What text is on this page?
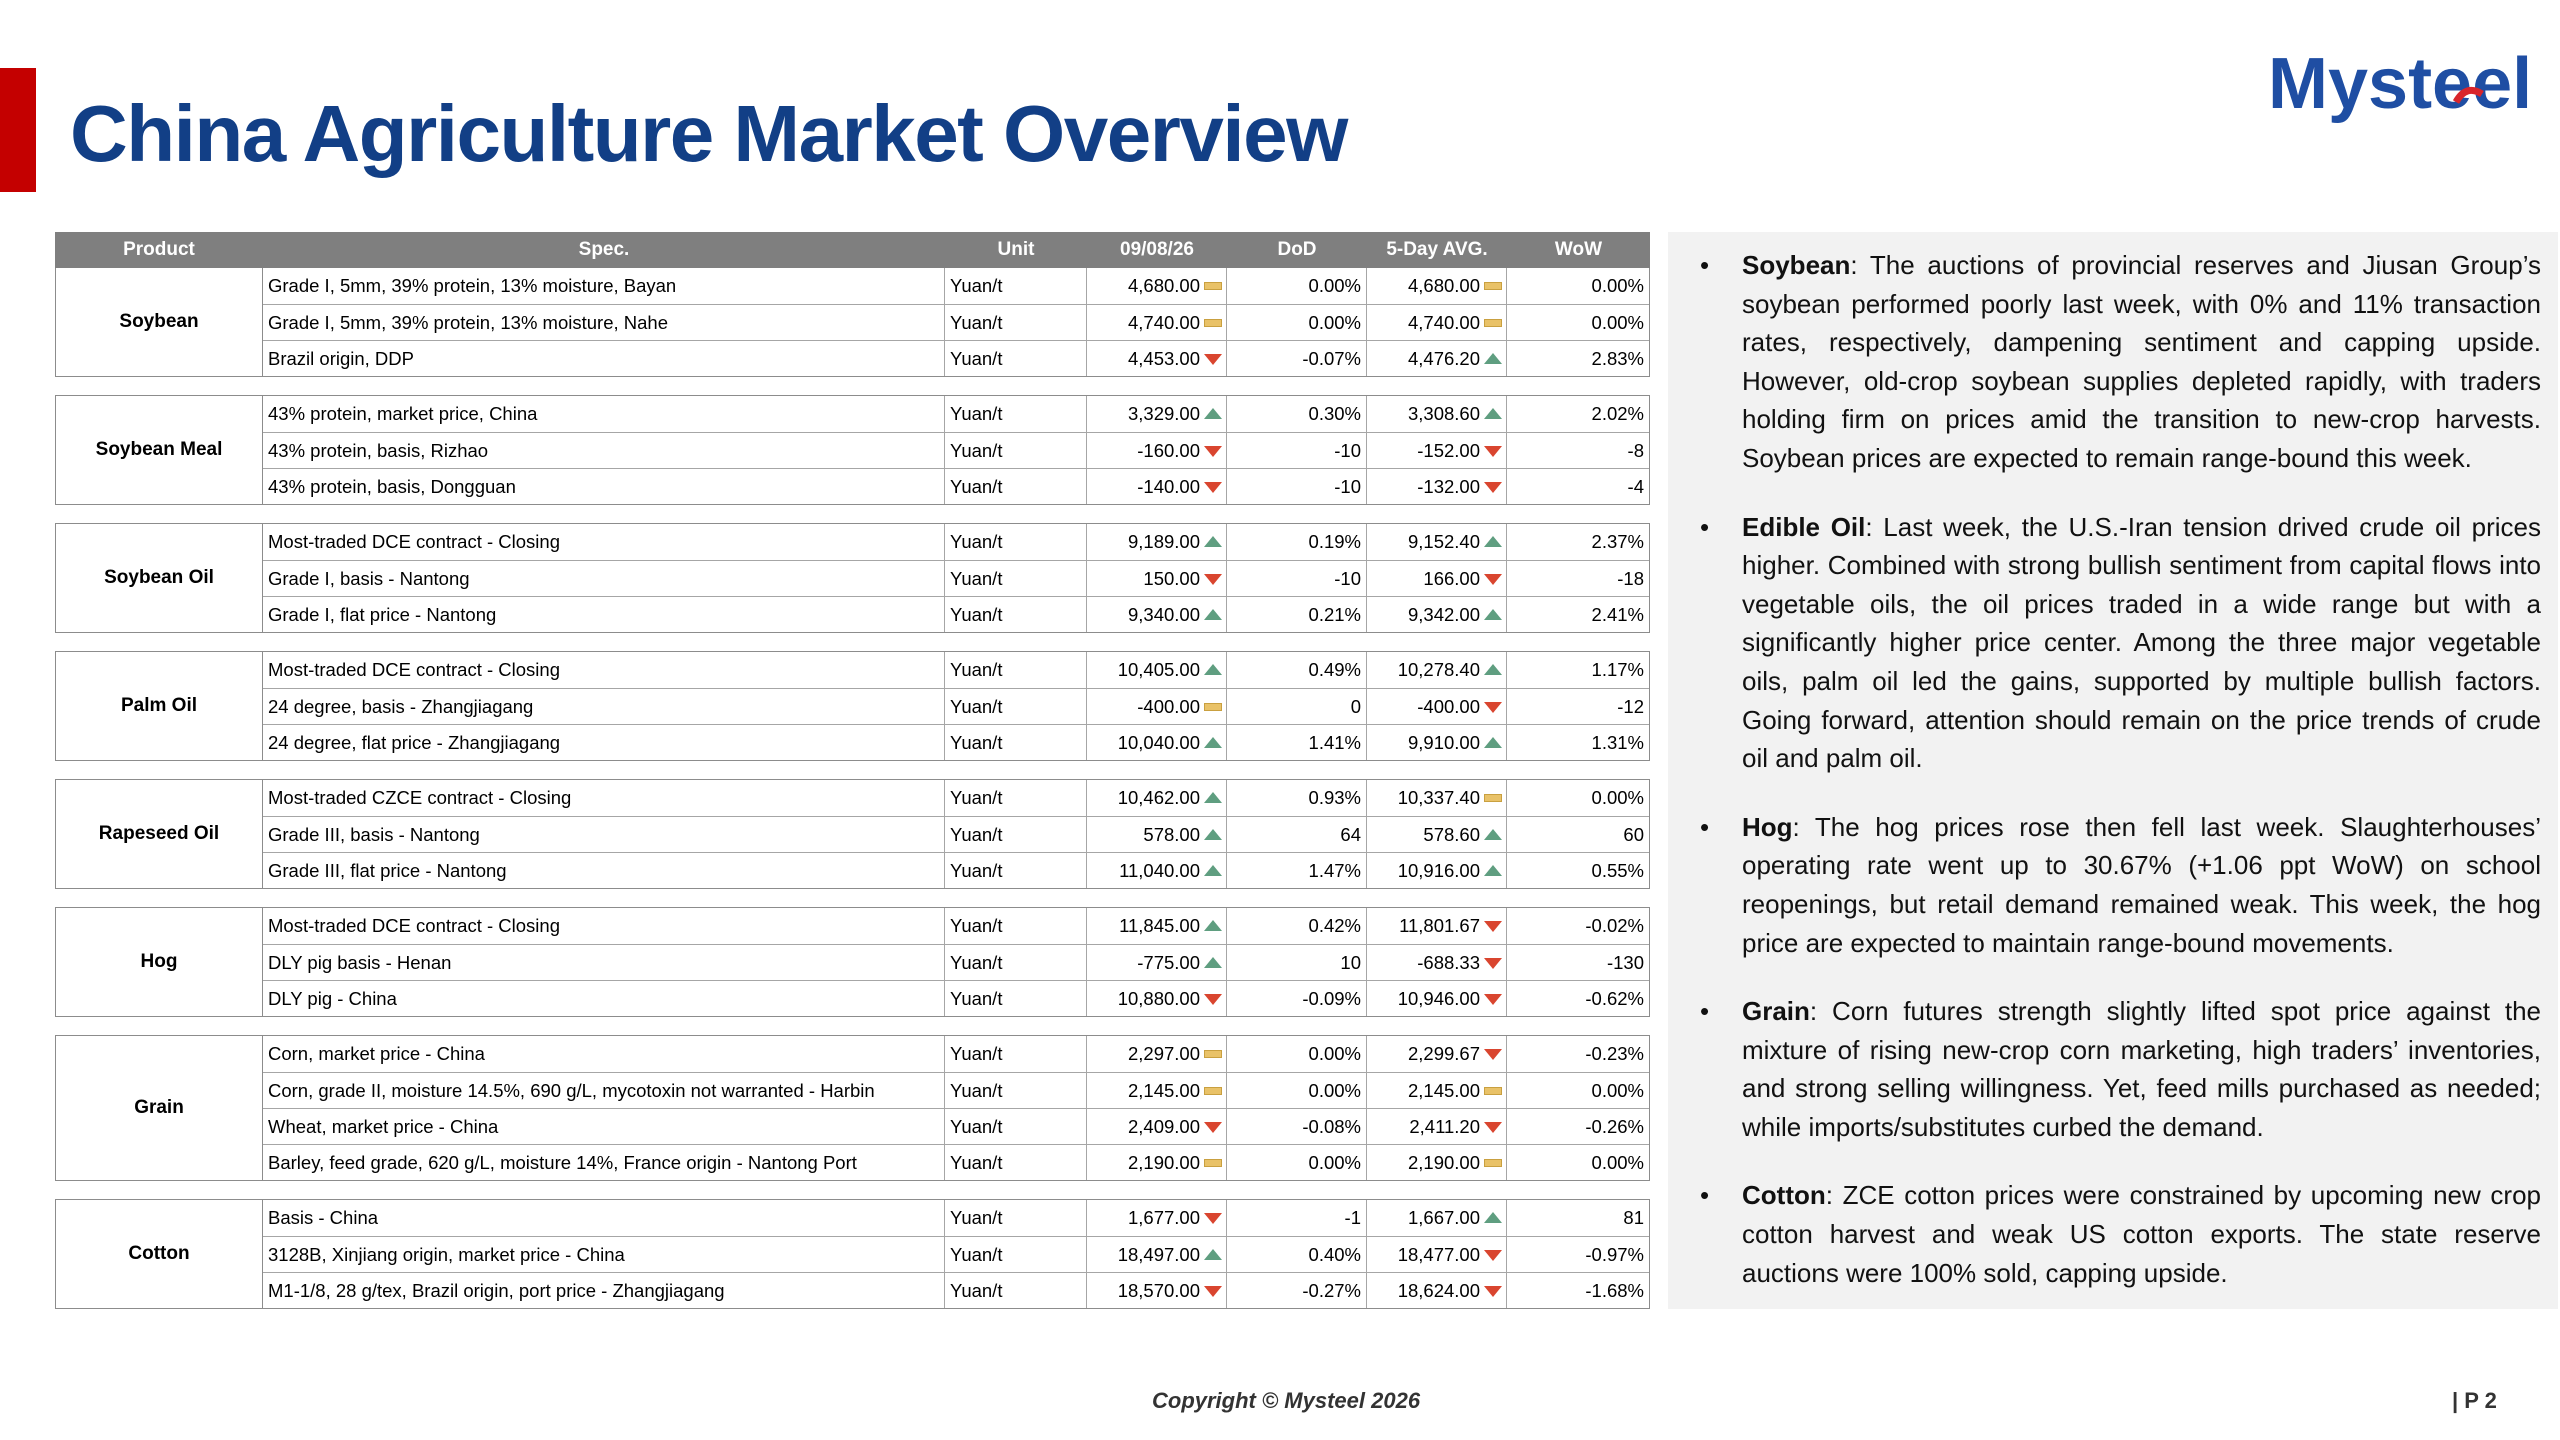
China Agriculture Market Overview
Mysteel
Product	Spec.	Unit	09/08/26	DoD	5-Day AVG.	WoW
Soybean
Grade I, 5mm, 39% protein, 13% moisture, Bayan	Yuan/t	4,680.00	0.00%	4,680.00	0.00%
Grade I, 5mm, 39% protein, 13% moisture, Nahe	Yuan/t	4,740.00	0.00%	4,740.00	0.00%
Brazil origin, DDP	Yuan/t	4,453.00	-0.07%	4,476.20	2.83%
Soybean Meal
43% protein, market price, China	Yuan/t	3,329.00	0.30%	3,308.60	2.02%
43% protein, basis, Rizhao	Yuan/t	-160.00	-10	-152.00	-8
43% protein, basis, Dongguan	Yuan/t	-140.00	-10	-132.00	-4
Soybean Oil
Most-traded DCE contract - Closing	Yuan/t	9,189.00	0.19%	9,152.40	2.37%
Grade I, basis - Nantong	Yuan/t	150.00	-10	166.00	-18
Grade I, flat price - Nantong	Yuan/t	9,340.00	0.21%	9,342.00	2.41%
Palm Oil
Most-traded DCE contract - Closing	Yuan/t	10,405.00	0.49% 10,278.40	1.17%
24 degree, basis - Zhangjiagang	Yuan/t	-400.00	0	-400.00	-12
24 degree, flat price - Zhangjiagang	Yuan/t	10,040.00	1.41%	9,910.00	1.31%
Rapeseed Oil
Most-traded CZCE contract - Closing	Yuan/t	10,462.00	0.93% 10,337.40	0.00%
Grade III, basis - Nantong	Yuan/t	578.00	64	578.60	60
Grade III, flat price - Nantong	Yuan/t	11,040.00	1.47% 10,916.00	0.55%
Hog
Most-traded DCE contract - Closing	Yuan/t	11,845.00	0.42% 11,801.67	-0.02%
DLY pig basis - Henan	Yuan/t	-775.00	10	-688.33	-130
DLY pig - China	Yuan/t	10,880.00	-0.09% 10,946.00	-0.62%
Grain
Corn, market price - China	Yuan/t	2,297.00	0.00%	2,299.67	-0.23%
Corn, grade II, moisture 14.5%, 690 g/L, mycotoxin not warranted - Harbin	Yuan/t	2,145.00	0.00%	2,145.00	0.00%
Wheat, market price - China	Yuan/t	2,409.00	-0.08%	2,411.20	-0.26%
Barley, feed grade, 620 g/L, moisture 14%, France origin - Nantong Port	Yuan/t	2,190.00	0.00%	2,190.00	0.00%
Cotton
Basis - China	Yuan/t	1,677.00	-1	1,667.00	81
3128B, Xinjiang origin, market price - China	Yuan/t	18,497.00	0.40% 18,477.00	-0.97%
M1-1/8, 28 g/tex, Brazil origin, port price - Zhangjiagang	Yuan/t	18,570.00	-0.27% 18,624.00	-1.68%
• Soybean: The auctions of provincial reserves and Jiusan Group’s soybean performed poorly last week, with 0% and 11% transaction rates, respectively, dampening sentiment and capping upside. However, old-crop soybean supplies depleted rapidly, with traders holding firm on prices amid the transition to new-crop harvests. Soybean prices are expected to remain range-bound this week.
• Edible Oil: Last week, the U.S.-Iran tension drived crude oil prices higher. Combined with strong bullish sentiment from capital flows into vegetable oils, the oil prices traded in a wide range but with a significantly higher price center. Among the three major vegetable oils, palm oil led the gains, supported by multiple bullish factors. Going forward, attention should remain on the price trends of crude oil and palm oil.
• Hog: The hog prices rose then fell last week. Slaughterhouses’ operating rate went up to 30.67% (+1.06 ppt WoW) on school reopenings, but retail demand remained weak. This week, the hog price are expected to maintain range-bound movements.
• Grain: Corn futures strength slightly lifted spot price against the mixture of rising new-crop corn marketing, high traders’ inventories, and strong selling willingness. Yet, feed mills purchased as needed; while imports/substitutes curbed the demand.
• Cotton: ZCE cotton prices were constrained by upcoming new crop cotton harvest and weak US cotton exports. The state reserve auctions were 100% sold, capping upside.
Copyright © Mysteel 2026	| P 2
